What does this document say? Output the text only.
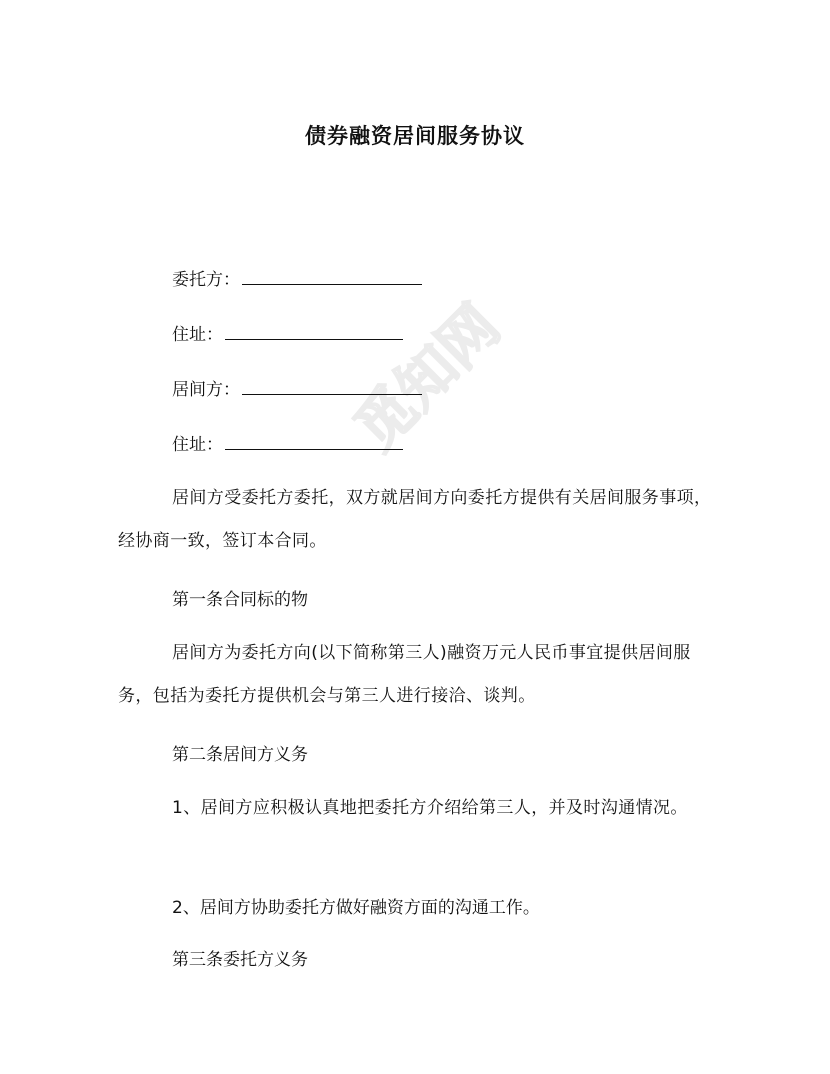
觅知网
债券融资居间服务协议
委托方：
住址：
居间方：
住址：
居间方受委托方委托，双方就居间方向委托方提供有关居间服务事项，经协商一致，签订本合同。
第一条合同标的物
居间方为委托方向(以下简称第三人)融资万元人民币事宜提供居间服务，包括为委托方提供机会与第三人进行接洽、谈判。
第二条居间方义务
1、居间方应积极认真地把委托方介绍给第三人，并及时沟通情况。
2、居间方协助委托方做好融资方面的沟通工作。
第三条委托方义务
